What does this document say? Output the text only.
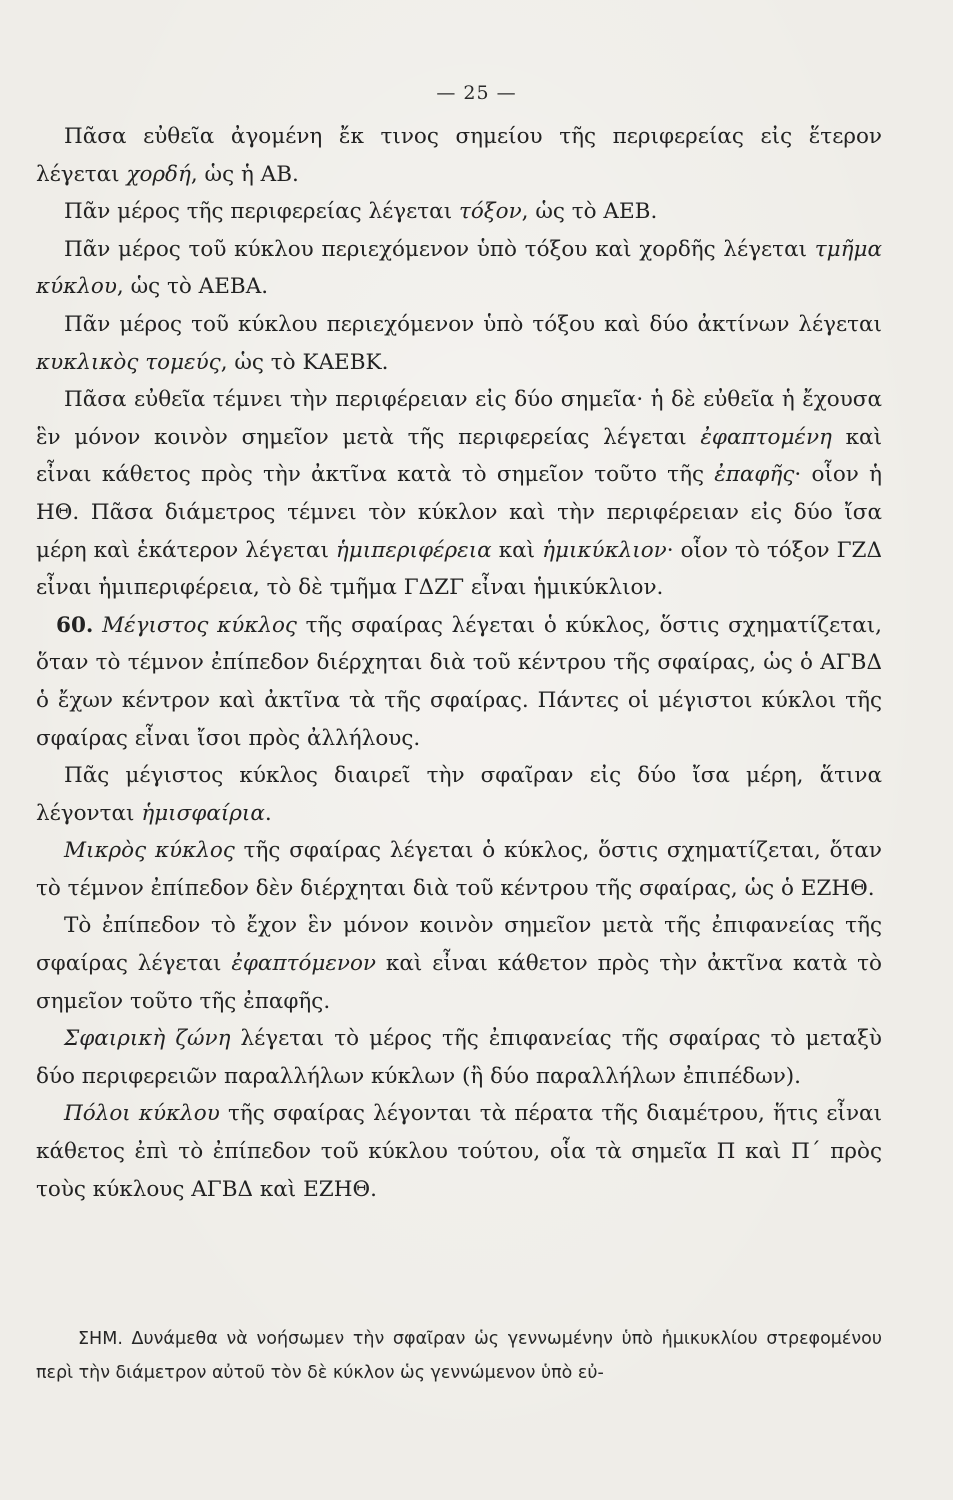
— 25 —

Πᾶσα εὐθεῖα ἀγομένη ἔκ τινος σημείου τῆς περιφερείας εἰς ἕτερον λέγεται χορδή, ὡς ἡ ΑΒ.

Πᾶν μέρος τῆς περιφερείας λέγεται τόξον, ὡς τὸ ΑΕΒ.

Πᾶν μέρος τοῦ κύκλου περιεχόμενον ὑπὸ τόξου καὶ χορδῆς λέγεται τμῆμα κύκλου, ὡς τὸ ΑΕΒΑ.

Πᾶν μέρος τοῦ κύκλου περιεχόμενον ὑπὸ τόξου καὶ δύο ἀκτίνων λέγεται κυκλικὸς τομεύς, ὡς τὸ ΚΑΕΒΚ.

Πᾶσα εὐθεῖα τέμνει τὴν περιφέρειαν εἰς δύο σημεῖα· ἡ δὲ εὐθεῖα ἡ ἔχουσα ἓν μόνον κοινὸν σημεῖον μετὰ τῆς περιφερείας λέγεται ἐφαπτομένη καὶ εἶναι κάθετος πρὸς τὴν ἀκτῖνα κατὰ τὸ σημεῖον τοῦτο τῆς ἐπαφῆς· οἷον ἡ ΗΘ. Πᾶσα διάμετρος τέμνει τὸν κύκλον καὶ τὴν περιφέρειαν εἰς δύο ἴσα μέρη καὶ ἑκάτερον λέγεται ἡμιπεριφέρεια καὶ ἡμικύκλιον· οἷον τὸ τόξον ΓΖΔ εἶναι ἡμιπεριφέρεια, τὸ δὲ τμῆμα ΓΔΖΓ εἶναι ἡμικύκλιον.

60. Μέγιστος κύκλος τῆς σφαίρας λέγεται ὁ κύκλος, ὅστις σχηματίζεται, ὅταν τὸ τέμνον ἐπίπεδον διέρχηται διὰ τοῦ κέντρου τῆς σφαίρας, ὡς ὁ ΑΓΒΔ ὁ ἔχων κέντρον καὶ ἀκτῖνα τὰ τῆς σφαίρας. Πάντες οἱ μέγιστοι κύκλοι τῆς σφαίρας εἶναι ἴσοι πρὸς ἀλλήλους.

Πᾶς μέγιστος κύκλος διαιρεῖ τὴν σφαῖραν εἰς δύο ἴσα μέρη, ἅτινα λέγονται ἡμισφαίρια.

Μικρὸς κύκλος τῆς σφαίρας λέγεται ὁ κύκλος, ὅστις σχηματίζεται, ὅταν τὸ τέμνον ἐπίπεδον δὲν διέρχηται διὰ τοῦ κέντρου τῆς σφαίρας, ὡς ὁ ΕΖΗΘ.

Τὸ ἐπίπεδον τὸ ἔχον ἓν μόνον κοινὸν σημεῖον μετὰ τῆς ἐπιφανείας τῆς σφαίρας λέγεται ἐφαπτόμενον καὶ εἶναι κάθετον πρὸς τὴν ἀκτῖνα κατὰ τὸ σημεῖον τοῦτο τῆς ἐπαφῆς.

Σφαιρικὴ ζώνη λέγεται τὸ μέρος τῆς ἐπιφανείας τῆς σφαίρας τὸ μεταξὺ δύο περιφερειῶν παραλλήλων κύκλων (ἢ δύο παραλλήλων ἐπιπέδων).

Πόλοι κύκλου τῆς σφαίρας λέγονται τὰ πέρατα τῆς διαμέτρου, ἥτις εἶναι κάθετος ἐπὶ τὸ ἐπίπεδον τοῦ κύκλου τούτου, οἷα τὰ σημεῖα Π καὶ Π΄ πρὸς τοὺς κύκλους ΑΓΒΔ καὶ ΕΖΗΘ.

ΣΗΜ. Δυνάμεθα νὰ νοήσωμεν τὴν σφαῖραν ὡς γεννωμένην ὑπὸ ἡμικυκλίου στρεφομένου περὶ τὴν διάμετρον αὐτοῦ τὸν δὲ κύκλον ὡς γεννώμενον ὑπὸ εὐ-
